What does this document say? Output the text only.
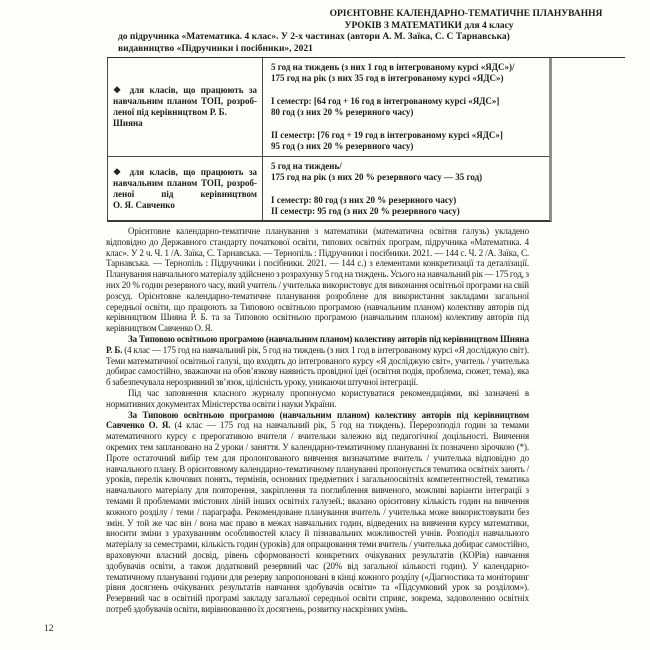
ОРІЄНТОВНЕ КАЛЕНДАРНО-ТЕМАТИЧНЕ ПЛАНУВАННЯ
УРОКІВ З МАТЕМАТИКИ для 4 класу
до підручника «Математика. 4 клас». У 2-х частинах (автори А. М. Заїка, С. С Тарнавська)
видавництво «Підручники і посібники», 2021
❖ для класів, що працюють за
навчальним планом ТОП, розроб-
леної під керівництвом Р. Б. Шияна
5 год на тиждень (з них 1 год в інтегрованому курсі «ЯДС»)/
175 год на рік (з них 35 год в інтегрованому курсі «ЯДС»)
І семестр: [64 год + 16 год в інтегрованому курсі «ЯДС»]
80 год (з них 20 % резервного часу)
ІІ семестр: [76 год + 19 год в інтегрованому курсі «ЯДС»]
95 год (з них 20 % резервного часу)
❖ для класів, що працюють за
навчальним планом ТОП, розроб-
леної під керівництвом
О. Я. Савченко
5 год на тиждень/
175 год на рік (з них 20 % резервного часу — 35 год)
І семестр: 80 год (з них 20 % резервного часу)
ІІ семестр: 95 год (з них 20 % резервного часу)

Орієнтовне календарно-тематичне планування з математики (математична освітня галузь) укладено відповідно до Державного стандарту початкової освіти, типових освітніх програм, підручника «Математика. 4 клас». У 2 ч. Ч. 1 /А. Заїка, С. Тарнавська. — Тернопіль : Підручники і посібники. 2021. — 144 с. Ч. 2 /А. Заїка, С. Тарнавська. — Тернопіль : Підручники і посібники. 2021. — 144 с.) з елементами конкретизації та деталізації. Планування навчального матеріалу здійснено з розрахунку 5 год на тиждень. Усього на навчальний рік — 175 год, з них 20 % годин резервного часу, який учитель / учителька використовує для виконання освітньої програми на свій розсуд. Орієнтовне календарно-тематичне планування розроблене для використання закладами загальної середньої освіти, що працюють за Типовою освітньою програмою (навчальним планом) колективу авторів під керівництвом Шияна Р. Б. та за Типовою освітньою програмою (навчальним планом) колективу авторів під керівництвом Савченко О. Я.

За Типовою освітньою програмою (навчальним планом) колективу авторів під керівництвом Шияна Р. Б. (4 клас — 175 год на навчальний рік, 5 год на тиждень (з них 1 год в інтегрованому курсі «Я досліджую світ). Теми математичної освітньої галузі, що входять до інтегрованого курсу «Я досліджую світ», учитель / учителька добирає самостійно, зважаючи на обов’язкову наявність провідної ідеї (освітня подія, проблема, сюжет, тема), яка б забезпечувала нерозривний зв’язок, цілісність уроку, уникаючи штучної інтеграції.

Під час заповнення класного журналу пропонуємо користуватися рекомендаціями, які зазначені в нормативних документах Міністерства освіти і науки України.

За Типовою освітньою програмою (навчальним планом) колективу авторів під керівництвом Савченко О. Я. (4 клас — 175 год на навчальний рік, 5 год на тиждень). Перерозподіл годин за темами математичного курсу є прерогативою вчителя / вчительки залежно від педагогічної доцільності. Вивчення окремих тем заплановано на 2 уроки / заняття. У календарно-тематичному плануванні їх позначено зірочкою (*). Проте остаточний вибір тем для пролонгованого вивчення визначатиме вчитель / учителька відповідно до навчального плану. В орієнтовному календарно-тематичному плануванні пропонується тематика освітніх занять / уроків, перелік ключових понять, термінів, основних предметних і загальноосвітніх компетентностей, тематика навчального матеріалу для повторення, закріплення та поглиблення вивченого, можливі варіанти інтеграції з темами й проблемами змістових ліній інших освітніх галузей.; вказано орієнтовну кількість годин на вивчення кожного розділу / теми / параграфа. Рекомендоване планування вчитель / учителька може використовувати без змін. У той же час він / вона має право в межах навчальних годин, відведених на вивчення курсу математики, вносити зміни з урахуванням особливостей класу й пізнавальних можливостей учнів. Розподіл навчального матеріалу за семестрами, кількість годин (уроків) для опрацювання теми вчитель / учителька добирає самостійно, враховуючи власний досвід, рівень сформованості конкретних очікуваних результатів (КОРів) навчання здобувачів освіти, а також додатковий резервний час (20% від загальної кількості годин). У календарно-тематичному плануванні години для резерву запропоновані в кінці кожного розділу («Діагностика та моніторинг рівня досягнень очікуваних результатів навчання здобувачів освіти» та «Підсумковий урок за розділом»). Резервний час в освітній програмі закладу загальної середньої освіти сприяє, зокрема, задоволенню освітніх потреб здобувачів освіти, вирівнюванню їх досягнень, розвитку наскрізних умінь.

12
